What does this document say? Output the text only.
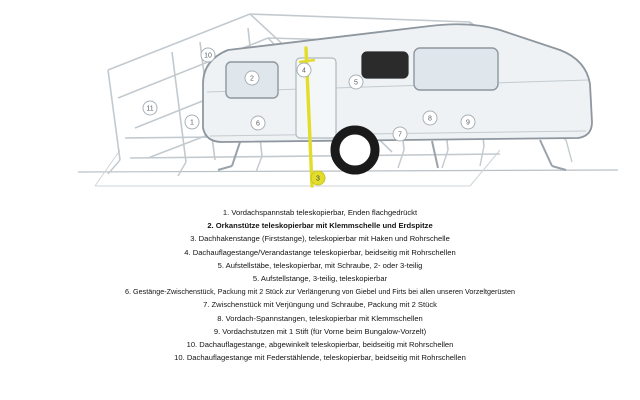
11
10
1
2
6
4
3
5
7
8
9
1. Vordachspannstab teleskopierbar, Enden flachgedrückt
2. Orkanstütze teleskopierbar mit Klemmschelle und Erdspitze
3. Dachhakenstange (Firststange), teleskopierbar mit Haken und Rohrschelle
4. Dachauflagestange/Verandastange teleskopierbar, beidseitig mit Rohrschellen
5. Aufstellstäbe, teleskopierbar, mit Schraube, 2- oder 3-teilig
5. Aufstellstange, 3-teilig, teleskopierbar
6. Gestänge-Zwischenstück, Packung mit 2 Stück zur Verlängerung von Giebel und Firts bei allen unseren Vorzeltgerüsten
7. Zwischenstück mit Verjüngung und Schraube, Packung mit 2 Stück
8. Vordach-Spannstangen, teleskopierbar mit Klemmschellen
9. Vordachstutzen mit 1 Stift (für Vorne beim Bungalow-Vorzelt)
10. Dachauflagestange, abgewinkelt teleskopierbar, beidseitig mit Rohrschellen
10. Dachauflagestange mit Federstählende, teleskopierbar, beidseitig mit Rohrschellen
